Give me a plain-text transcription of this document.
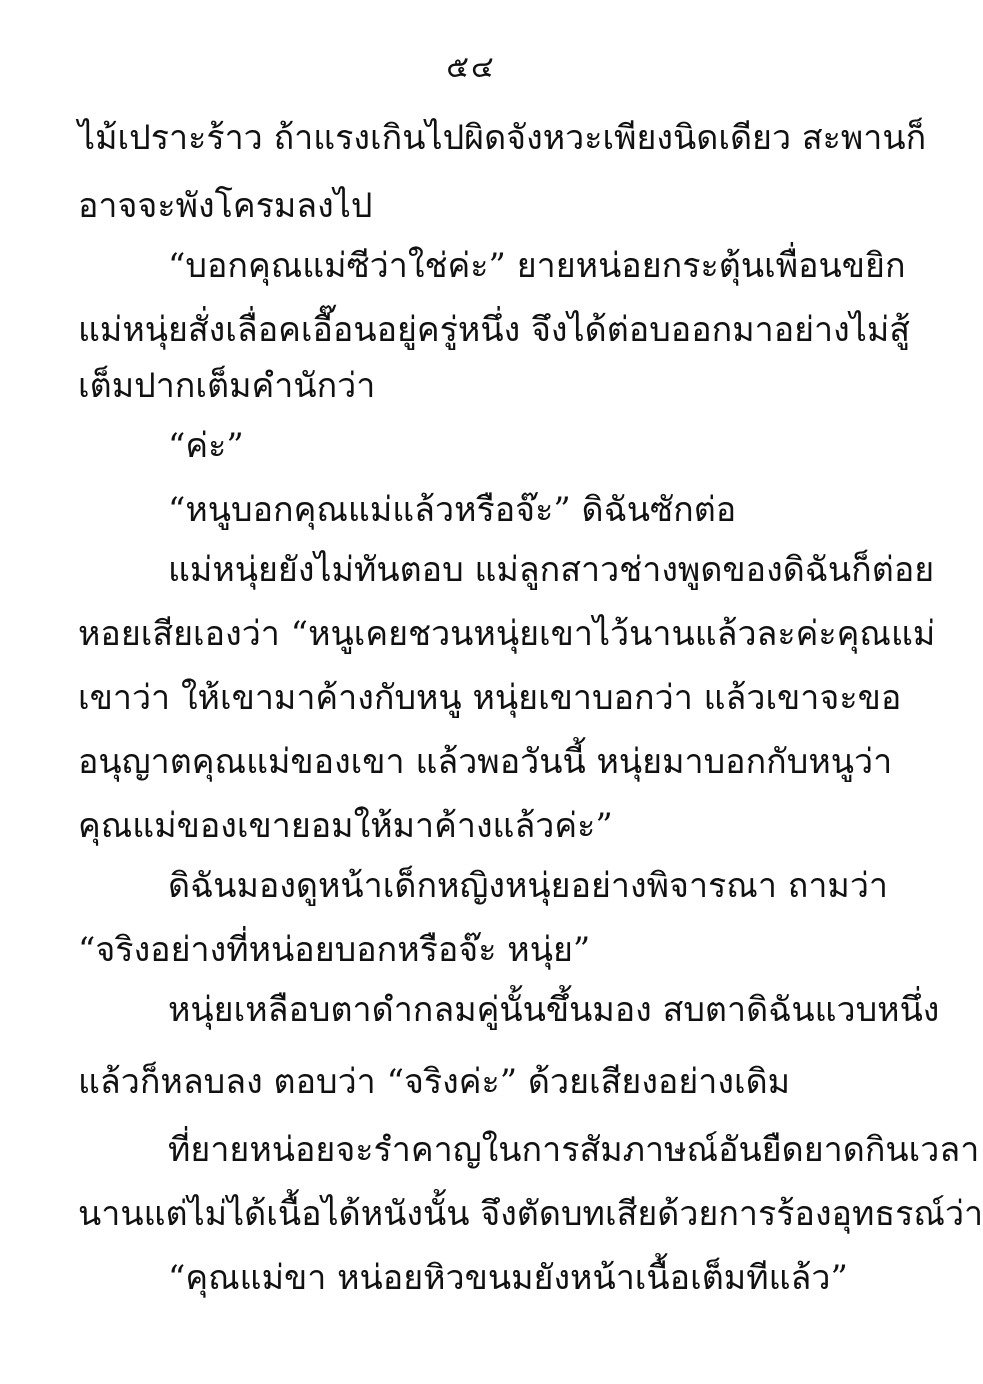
๕๔
ไม้เปราะร้าว ถ้าแรงเกินไปผิดจังหวะเพียงนิดเดียว สะพานก็
อาจจะพังโครมลงไป
“บอกคุณแม่ซีว่าใช่ค่ะ” ยายหน่อยกระตุ้นเพื่อนขยิก
แม่หนุ่ยสั่งเลื่อคเอื๊อนอยู่ครู่หนึ่ง จึงได้ต่อบออกมาอย่างไม่สู้
เต็มปากเต็มคำนักว่า
“ค่ะ”
“หนูบอกคุณแม่แล้วหรือจ๊ะ” ดิฉันซักต่อ
แม่หนุ่ยยังไม่ทันตอบ แม่ลูกสาวช่างพูดของดิฉันก็ต่อย
หอยเสียเองว่า “หนูเคยชวนหนุ่ยเขาไว้นานแล้วละค่ะคุณแม่
เขาว่า ให้เขามาค้างกับหนู หนุ่ยเขาบอกว่า แล้วเขาจะขอ
อนุญาตคุณแม่ของเขา แล้วพอวันนี้ หนุ่ยมาบอกกับหนูว่า
คุณแม่ของเขายอมให้มาค้างแล้วค่ะ”
ดิฉันมองดูหน้าเด็กหญิงหนุ่ยอย่างพิจารณา ถามว่า
“จริงอย่างที่หน่อยบอกหรือจ๊ะ หนุ่ย”
หนุ่ยเหลือบตาดำกลมคู่นั้นขึ้นมอง สบตาดิฉันแวบหนึ่ง
แล้วก็หลบลง ตอบว่า “จริงค่ะ” ด้วยเสียงอย่างเดิม
ที่ยายหน่อยจะรำคาญในการสัมภาษณ์อันยืดยาดกินเวลา
นานแต่ไม่ได้เนื้อได้หนังนั้น จึงตัดบทเสียด้วยการร้องอุทธรณ์ว่า
“คุณแม่ขา หน่อยหิวขนมยังหน้าเนื้อเต็มทีแล้ว”
